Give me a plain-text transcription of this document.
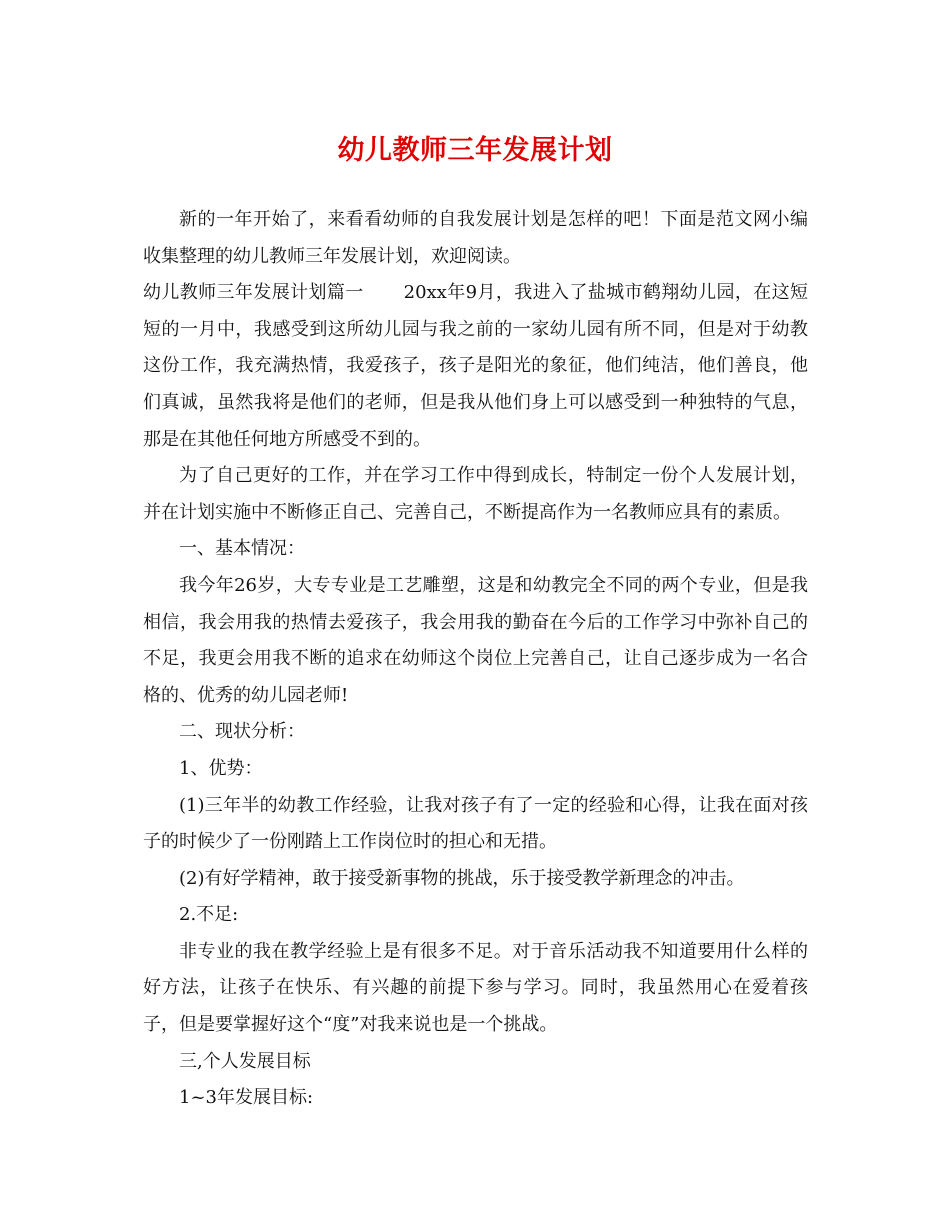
幼儿教师三年发展计划

新的一年开始了，来看看幼师的自我发展计划是怎样的吧！下面是范文网小编收集整理的幼儿教师三年发展计划，欢迎阅读。

幼儿教师三年发展计划篇一 20xx年9月，我进入了盐城市鹤翔幼儿园，在这短短的一月中，我感受到这所幼儿园与我之前的一家幼儿园有所不同，但是对于幼教这份工作，我充满热情，我爱孩子，孩子是阳光的象征，他们纯洁，他们善良，他们真诚，虽然我将是他们的老师，但是我从他们身上可以感受到一种独特的气息，那是在其他任何地方所感受不到的。

为了自己更好的工作，并在学习工作中得到成长，特制定一份个人发展计划，并在计划实施中不断修正自己、完善自己，不断提高作为一名教师应具有的素质。

一、基本情况：

我今年26岁，大专专业是工艺雕塑，这是和幼教完全不同的两个专业，但是我相信，我会用我的热情去爱孩子，我会用我的勤奋在今后的工作学习中弥补自己的不足，我更会用我不断的追求在幼师这个岗位上完善自己，让自己逐步成为一名合格的、优秀的幼儿园老师!

二、现状分析：

1、优势：

(1)三年半的幼教工作经验，让我对孩子有了一定的经验和心得，让我在面对孩子的时候少了一份刚踏上工作岗位时的担心和无措。

(2)有好学精神，敢于接受新事物的挑战，乐于接受教学新理念的冲击。

2.不足:

非专业的我在教学经验上是有很多不足。对于音乐活动我不知道要用什么样的好方法，让孩子在快乐、有兴趣的前提下参与学习。同时，我虽然用心在爱着孩子，但是要掌握好这个“度”对我来说也是一个挑战。

三,个人发展目标

1~3年发展目标:
